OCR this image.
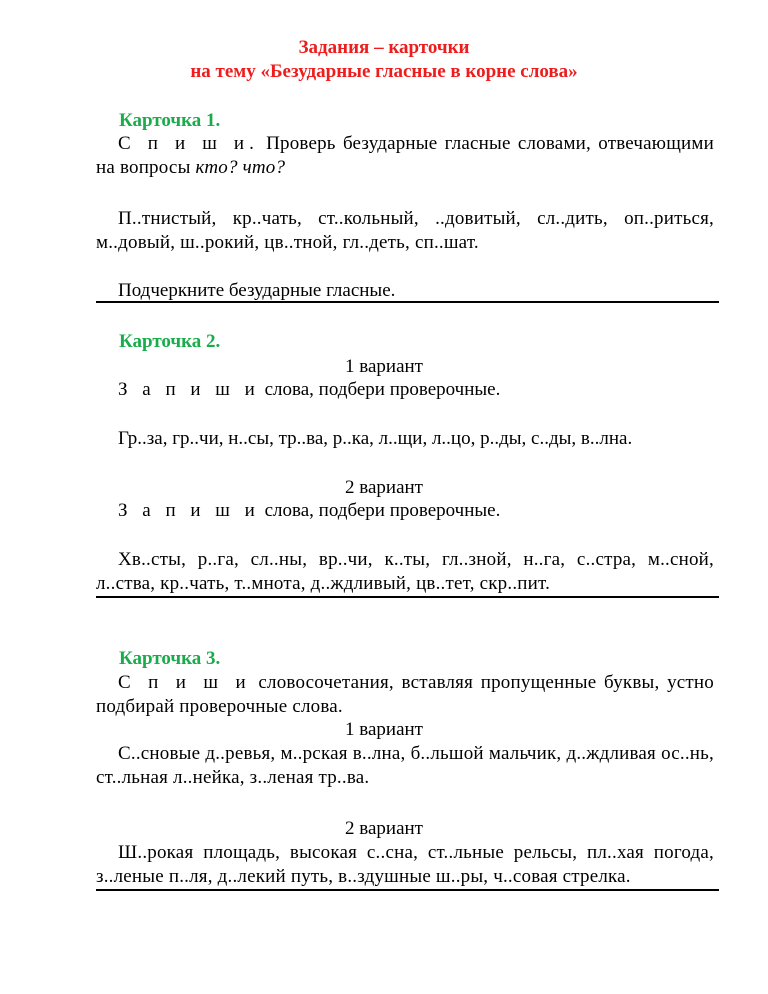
Задания – карточки
на тему «Безударные гласные в корне слова»
Карточка 1.
С п и ш и. Проверь безударные гласные словами, отвечающими на вопросы кто? что?
П..тнистый, кр..чать, ст..кольный, ..довитый, сл..дить, оп..риться, м..довый, ш..рокий, цв..тной, гл..деть, сп..шат.
Подчеркните безударные гласные.
Карточка 2.
1 вариант
З а п и ш и слова, подбери проверочные.
Гр..за, гр..чи, н..сы, тр..ва, р..ка, л..щи, л..цо, р..ды, с..ды, в..лна.
2 вариант
З а п и ш и слова, подбери проверочные.
Хв..сты, р..га, сл..ны, вр..чи, к..ты, гл..зной, н..га, с..стра, м..сной, л..ства, кр..чать, т..мнота, д..ждливый, цв..тет, скр..пит.
Карточка 3.
С п и ш и словосочетания, вставляя пропущенные буквы, устно подбирай проверочные слова.
1 вариант
С..сновые д..ревья, м..рская в..лна, б..льшой мальчик, д..ждливая ос..нь, ст..льная л..нейка, з..леная тр..ва.
2 вариант
Ш..рокая площадь, высокая с..сна, ст..льные рельсы, пл..хая погода, з..леные п..ля, д..лекий путь, в..здушные ш..ры, ч..совая стрелка.
